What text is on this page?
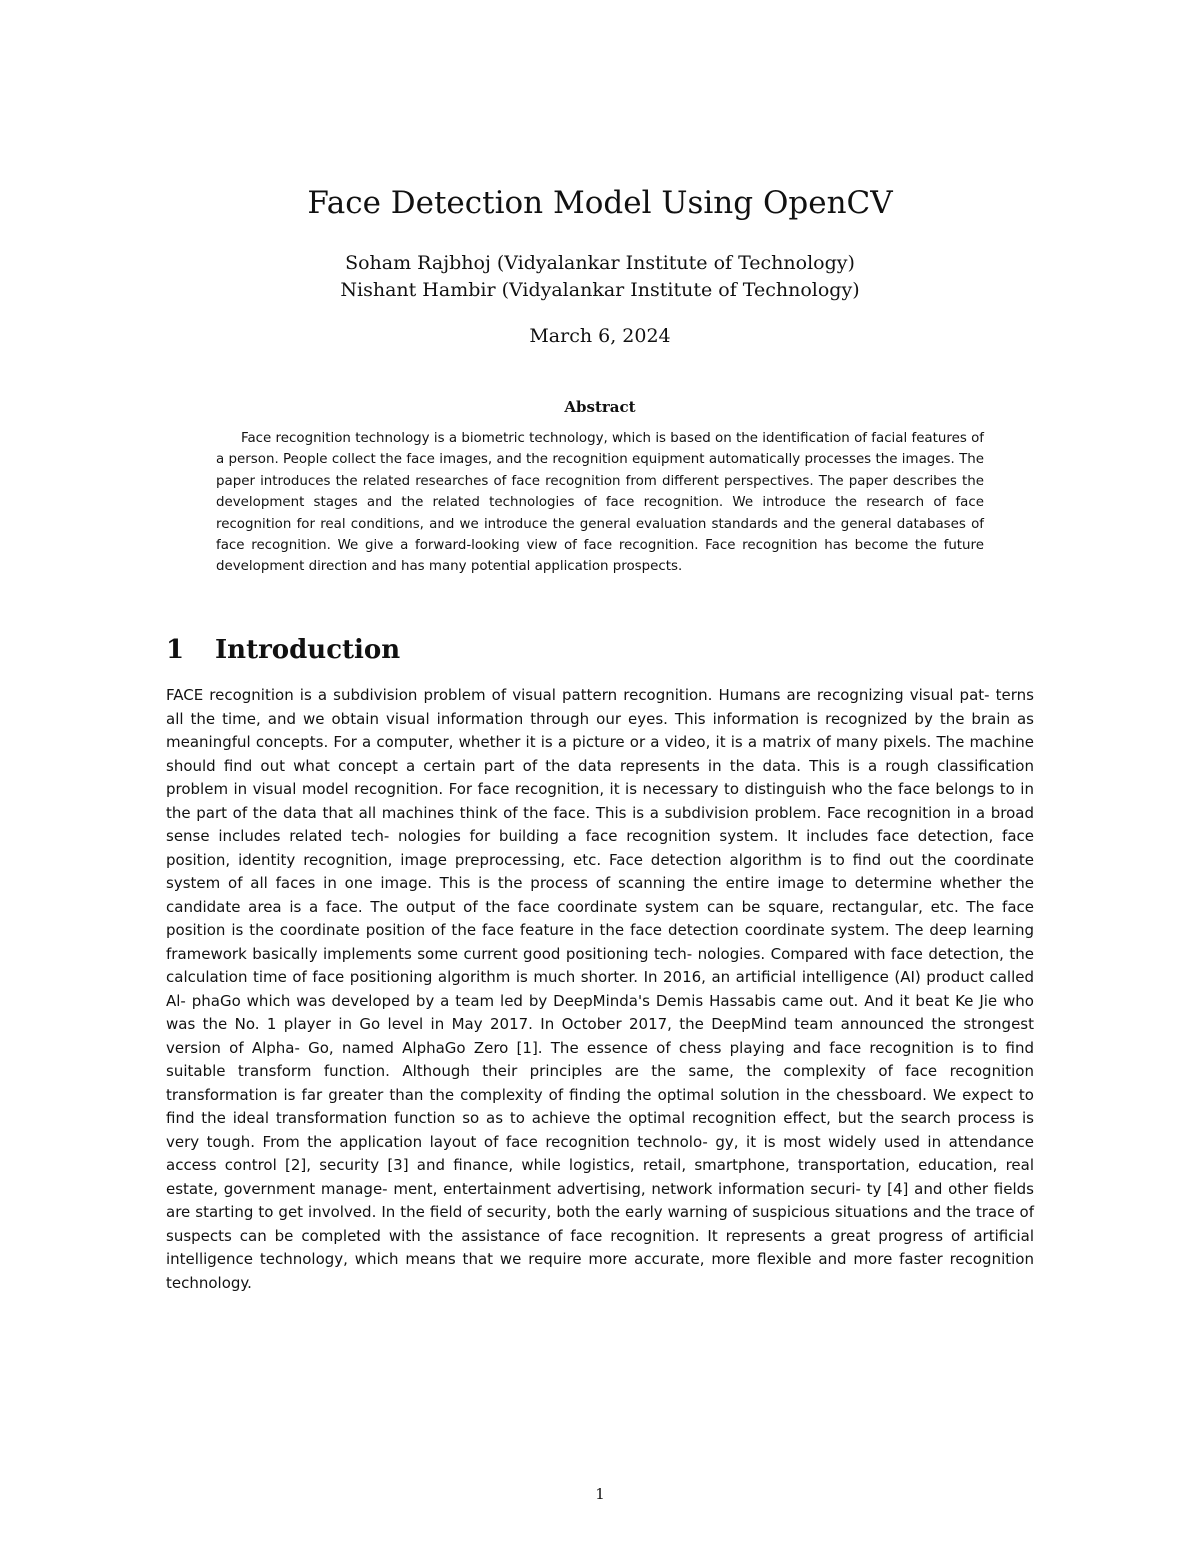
Face Detection Model Using OpenCV
Soham Rajbhoj (Vidyalankar Institute of Technology)
Nishant Hambir (Vidyalankar Institute of Technology)
March 6, 2024
Abstract

Face recognition technology is a biometric technology, which is based on the identification of facial features of a person. People collect the face images, and the recognition equipment automatically processes the images. The paper introduces the related researches of face recognition from different perspectives. The paper describes the development stages and the related technologies of face recognition. We introduce the research of face recognition for real conditions, and we introduce the general evaluation standards and the general databases of face recognition. We give a forward-looking view of face recognition. Face recognition has become the future development direction and has many potential application prospects.

1 Introduction

FACE recognition is a subdivision problem of visual pattern recognition. Humans are recognizing visual pat- terns all the time, and we obtain visual information through our eyes. This information is recognized by the brain as meaningful concepts. For a computer, whether it is a picture or a video, it is a matrix of many pixels. The machine should find out what concept a certain part of the data represents in the data. This is a rough classification problem in visual model recognition. For face recognition, it is necessary to distinguish who the face belongs to in the part of the data that all machines think of the face. This is a subdivision problem. Face recognition in a broad sense includes related tech- nologies for building a face recognition system. It includes face detection, face position, identity recognition, image preprocessing, etc. Face detection algorithm is to find out the coordinate system of all faces in one image. This is the process of scanning the entire image to determine whether the candidate area is a face. The output of the face coordinate system can be square, rectangular, etc. The face position is the coordinate position of the face feature in the face detection coordinate system. The deep learning framework basically implements some current good positioning tech- nologies. Compared with face detection, the calculation time of face positioning algorithm is much shorter. In 2016, an artificial intelligence (AI) product called Al- phaGo which was developed by a team led by DeepMinda's Demis Hassabis came out. And it beat Ke Jie who was the No. 1 player in Go level in May 2017. In October 2017, the DeepMind team announced the strongest version of Alpha- Go, named AlphaGo Zero [1]. The essence of chess playing and face recognition is to find suitable transform function. Although their principles are the same, the complexity of face recognition transformation is far greater than the complexity of finding the optimal solution in the chessboard. We expect to find the ideal transformation function so as to achieve the optimal recognition effect, but the search process is very tough. From the application layout of face recognition technolo- gy, it is most widely used in attendance access control [2], security [3] and finance, while logistics, retail, smartphone, transportation, education, real estate, government manage- ment, entertainment advertising, network information securi- ty [4] and other fields are starting to get involved. In the field of security, both the early warning of suspicious situations and the trace of suspects can be completed with the assistance of face recognition. It represents a great progress of artificial intelligence technology, which means that we require more accurate, more flexible and more faster recognition technology.

1
